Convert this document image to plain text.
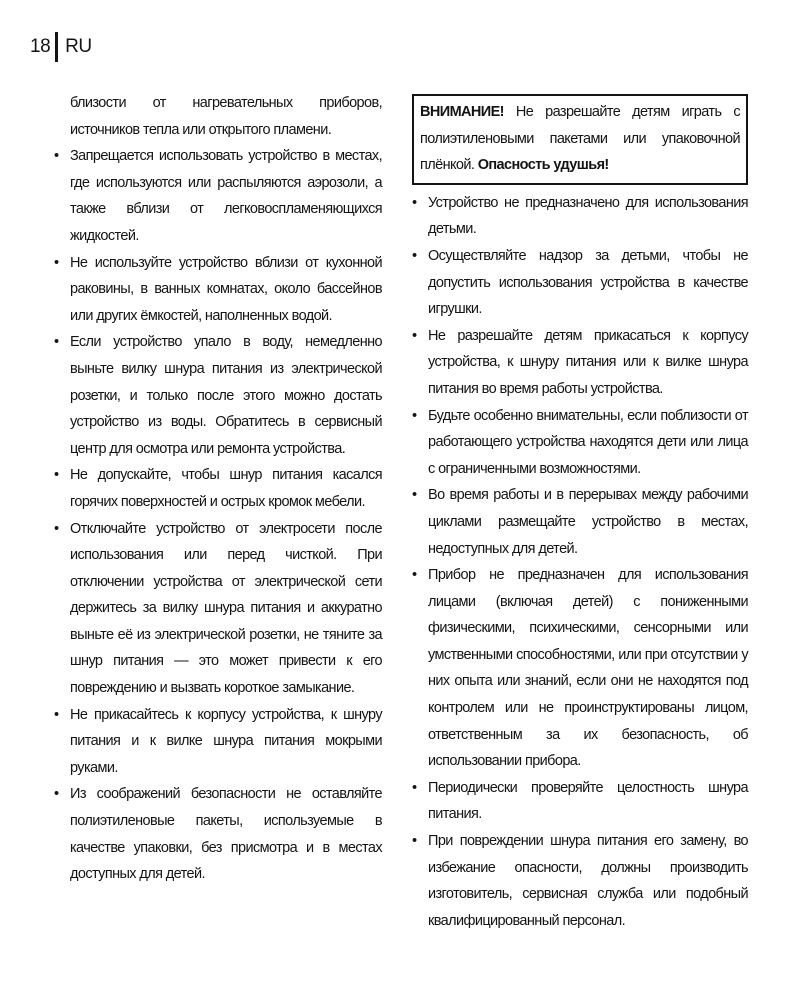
18 RU

близости от нагревательных приборов, источников тепла или открытого пламени.

• Запрещается использовать устройство в местах, где используются или распыляются аэрозоли, а также вблизи от легковоспламеняющихся жидкостей.
• Не используйте устройство вблизи от кухонной раковины, в ванных комнатах, около бассейнов или других ёмкостей, наполненных водой.
• Если устройство упало в воду, немедленно выньте вилку шнура питания из электрической розетки, и только после этого можно достать устройство из воды. Обратитесь в сервисный центр для осмотра или ремонта устройства.
• Не допускайте, чтобы шнур питания касался горячих поверхностей и острых кромок мебели.
• Отключайте устройство от электросети после использования или перед чисткой. При отключении устройства от электрической сети держитесь за вилку шнура питания и аккуратно выньте её из электрической розетки, не тяните за шнур питания — это может привести к его повреждению и вызвать короткое замыкание.
• Не прикасайтесь к корпусу устройства, к шнуру питания и к вилке шнура питания мокрыми руками.
• Из соображений безопасности не оставляйте полиэтиленовые пакеты, используемые в качестве упаковки, без присмотра и в местах доступных для детей.
ВНИМАНИЕ! Не разрешайте детям играть с полиэтиленовыми пакетами или упаковочной плёнкой. Опасность удушья!
• Устройство не предназначено для использования детьми.
• Осуществляйте надзор за детьми, чтобы не допустить использования устройства в качестве игрушки.
• Не разрешайте детям прикасаться к корпусу устройства, к шнуру питания или к вилке шнура питания во время работы устройства.
• Будьте особенно внимательны, если поблизости от работающего устройства находятся дети или лица с ограниченными возможностями.
• Во время работы и в перерывах между рабочими циклами размещайте устройство в местах, недоступных для детей.
• Прибор не предназначен для использования лицами (включая детей) с пониженными физическими, психическими, сенсорными или умственными способностями, или при отсутствии у них опыта или знаний, если они не находятся под контролем или не проинструктированы лицом, ответственным за их безопасность, об использовании прибора.
• Периодически проверяйте целостность шнура питания.
• При повреждении шнура питания его замену, во избежание опасности, должны производить изготовитель, сервисная служба или подобный квалифицированный персонал.
